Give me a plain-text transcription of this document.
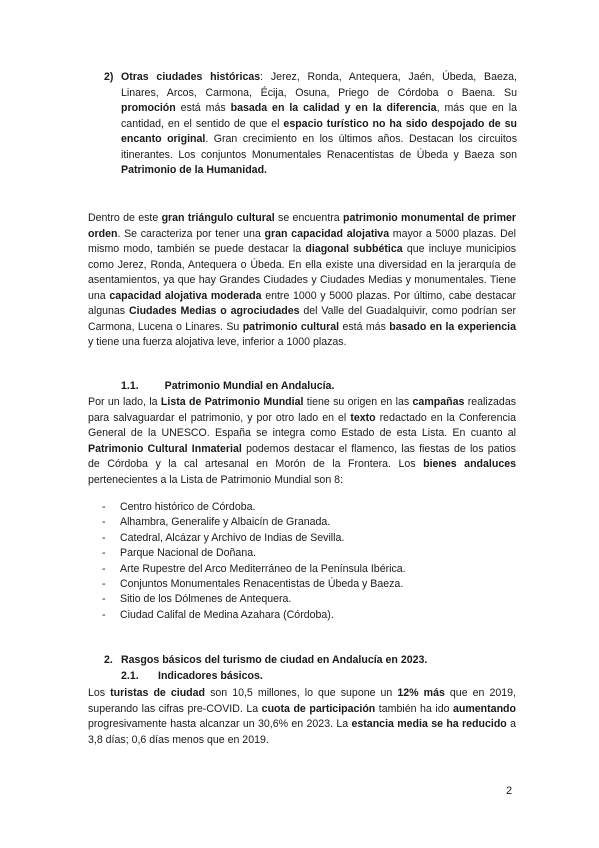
2) Otras ciudades históricas: Jerez, Ronda, Antequera, Jaén, Úbeda, Baeza, Linares, Arcos, Carmona, Écija, Osuna, Priego de Córdoba o Baena. Su promoción está más basada en la calidad y en la diferencia, más que en la cantidad, en el sentido de que el espacio turístico no ha sido despojado de su encanto original. Gran crecimiento en los últimos años. Destacan los circuitos itinerantes. Los conjuntos Monumentales Renacentistas de Úbeda y Baeza son Patrimonio de la Humanidad.

Dentro de este gran triángulo cultural se encuentra patrimonio monumental de primer orden. Se caracteriza por tener una gran capacidad alojativa mayor a 5000 plazas. Del mismo modo, también se puede destacar la diagonal subbética que incluye municipios como Jerez, Ronda, Antequera o Úbeda. En ella existe una diversidad en la jerarquía de asentamientos, ya que hay Grandes Ciudades y Ciudades Medias y monumentales. Tiene una capacidad alojativa moderada entre 1000 y 5000 plazas. Por último, cabe destacar algunas Ciudades Medias o agrociudades del Valle del Guadalquivir, como podrían ser Carmona, Lucena o Linares. Su patrimonio cultural está más basado en la experiencia y tiene una fuerza alojativa leve, inferior a 1000 plazas.

1.1. Patrimonio Mundial en Andalucía.

Por un lado, la Lista de Patrimonio Mundial tiene su origen en las campañas realizadas para salvaguardar el patrimonio, y por otro lado en el texto redactado en la Conferencia General de la UNESCO. España se integra como Estado de esta Lista. En cuanto al Patrimonio Cultural Inmaterial podemos destacar el flamenco, las fiestas de los patios de Córdoba y la cal artesanal en Morón de la Frontera. Los bienes andaluces pertenecientes a la Lista de Patrimonio Mundial son 8:

- Centro histórico de Córdoba.
- Alhambra, Generalife y Albaicín de Granada.
- Catedral, Alcázar y Archivo de Indias de Sevilla.
- Parque Nacional de Doñana.
- Arte Rupestre del Arco Mediterráneo de la Península Ibérica.
- Conjuntos Monumentales Renacentistas de Úbeda y Baeza.
- Sitio de los Dólmenes de Antequera.
- Ciudad Califal de Medina Azahara (Córdoba).
2. Rasgos básicos del turismo de ciudad en Andalucía en 2023.
2.1. Indicadores básicos.

Los turistas de ciudad son 10,5 millones, lo que supone un 12% más que en 2019, superando las cifras pre-COVID. La cuota de participación también ha ido aumentando progresivamente hasta alcanzar un 30,6% en 2023. La estancia media se ha reducido a 3,8 días; 0,6 días menos que en 2019.

2
